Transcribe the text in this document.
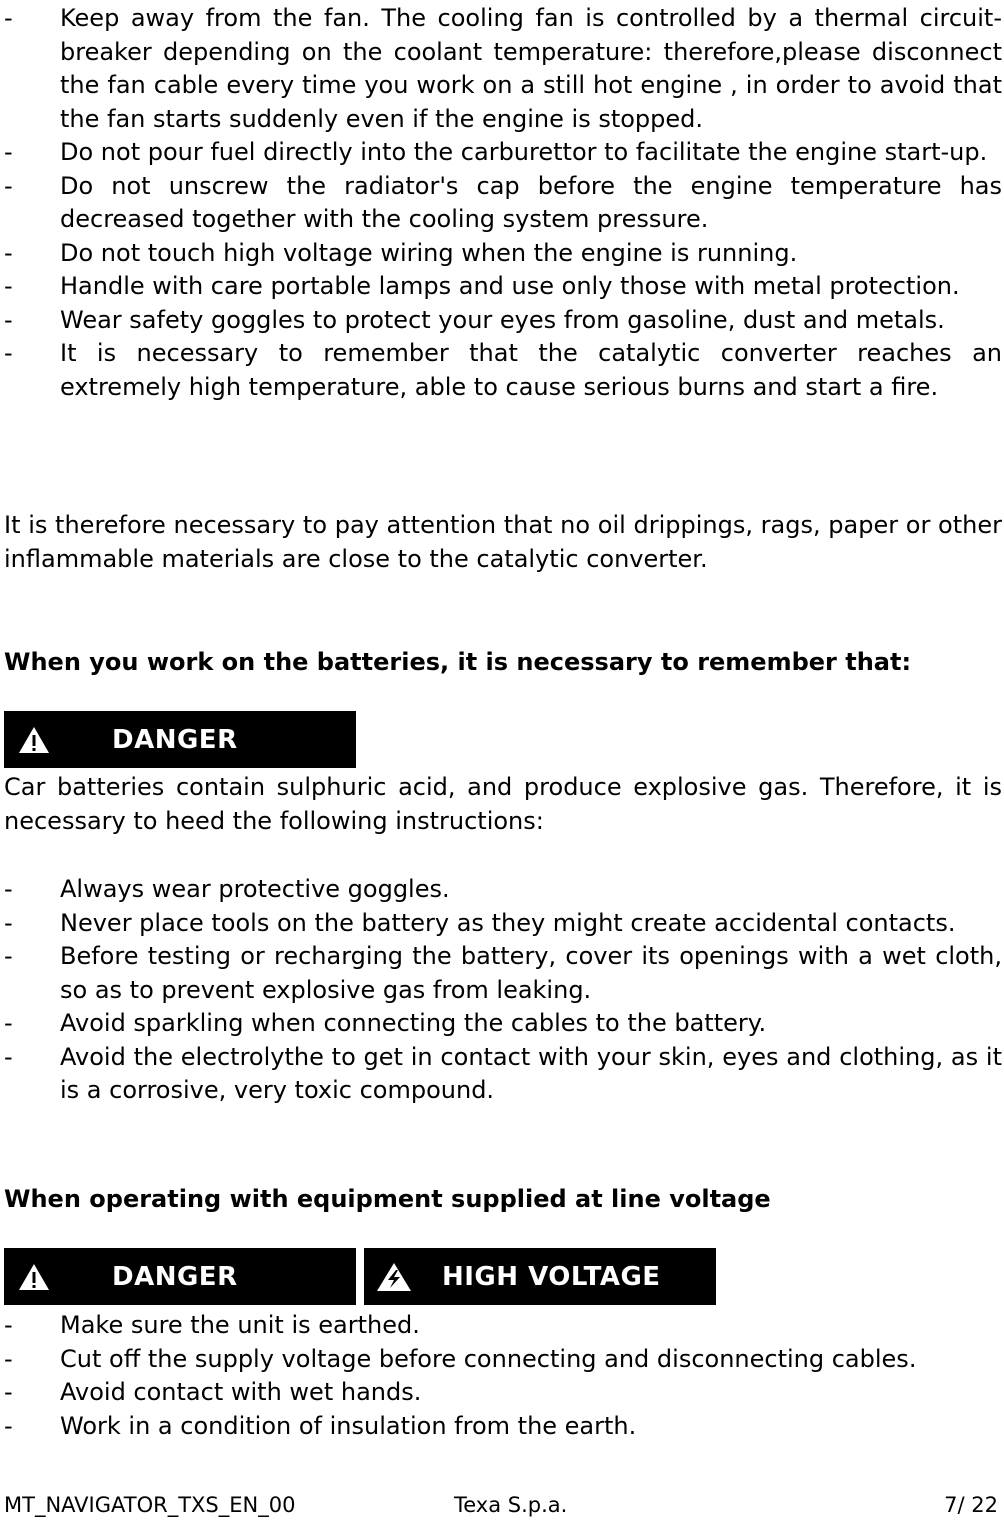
- Keep away from the fan. The cooling fan is controlled by a thermal circuit-breaker depending on the coolant temperature: therefore,please disconnect the fan cable every time you work on a still hot engine , in order to avoid that the fan starts suddenly even if the engine is stopped.
- Do not pour fuel directly into the carburettor to facilitate the engine start-up.
- Do not unscrew the radiator's cap before the engine temperature has decreased together with the cooling system pressure.
- Do not touch high voltage wiring when the engine is running.
- Handle with care portable lamps and use only those with metal protection.
- Wear safety goggles to protect your eyes from gasoline, dust and metals.
- It is necessary to remember that the catalytic converter reaches an extremely high temperature, able to cause serious burns and start a fire.

It is therefore necessary to pay attention that no oil drippings, rags, paper or other inflammable materials are close to the catalytic converter.

When you work on the batteries, it is necessary to remember that:
DANGER

Car batteries contain sulphuric acid, and produce explosive gas. Therefore, it is necessary to heed the following instructions:

- Always wear protective goggles.
- Never place tools on the battery as they might create accidental contacts.
- Before testing or recharging the battery, cover its openings with a wet cloth, so as to prevent explosive gas from leaking.
- Avoid sparkling when connecting the cables to the battery.
- Avoid the electrolythe to get in contact with your skin, eyes and clothing, as it is a corrosive, very toxic compound.
When operating with equipment supplied at line voltage
DANGER	HIGH VOLTAGE
- Make sure the unit is earthed.
- Cut off the supply voltage before connecting and disconnecting cables.
- Avoid contact with wet hands.
- Work in a condition of insulation from the earth.
MT_NAVIGATOR_TXS_EN_00	Texa S.p.a.	7/ 22
